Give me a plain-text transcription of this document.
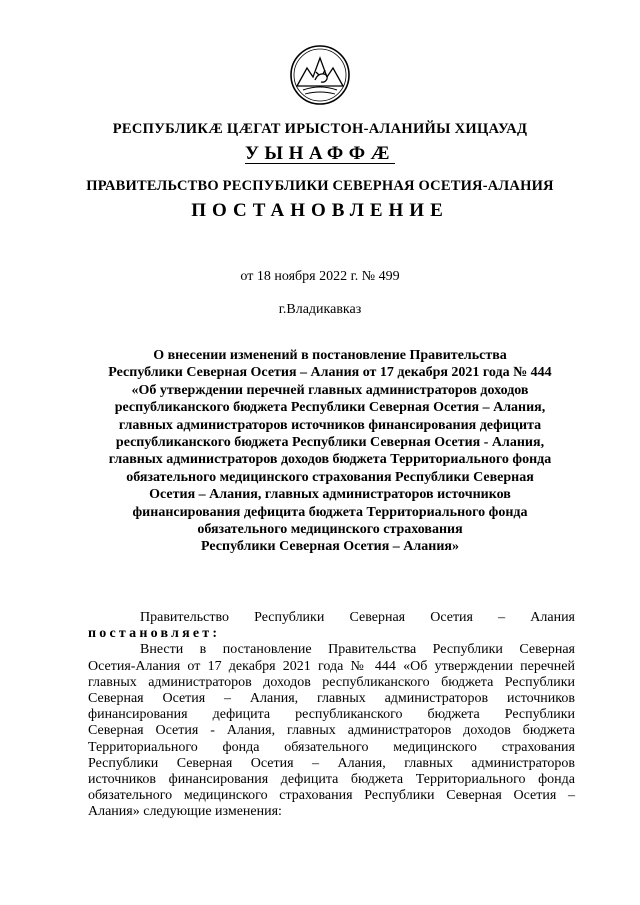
РЕСПУБЛИКӔ ЦӔГАТ ИРЫСТОН-АЛАНИЙЫ ХИЦАУАД
УЫНАФФӔ
ПРАВИТЕЛЬСТВО РЕСПУБЛИКИ СЕВЕРНАЯ ОСЕТИЯ-АЛАНИЯ
ПОСТАНОВЛЕНИЕ
от 18 ноября 2022 г. № 499
г.Владикавказ
О внесении изменений в постановление Правительства
Республики Северная Осетия – Алания от 17 декабря 2021 года № 444
«Об утверждении перечней главных администраторов доходов
республиканского бюджета Республики Северная Осетия – Алания,
главных администраторов источников финансирования дефицита
республиканского бюджета Республики Северная Осетия - Алания,
главных администраторов доходов бюджета Территориального фонда
обязательного медицинского страхования Республики Северная
Осетия – Алания, главных администраторов источников
финансирования дефицита бюджета Территориального фонда
обязательного медицинского страхования
Республики Северная Осетия – Алания»
Правительство Республики Северная Осетия – Алания
постановляет:
Внести в постановление Правительства Республики Северная
Осетия-Алания от 17 декабря 2021 года № 444 «Об утверждении перечней
главных администраторов доходов республиканского бюджета Республики
Северная Осетия – Алания, главных администраторов источников
финансирования дефицита республиканского бюджета Республики
Северная Осетия - Алания, главных администраторов доходов бюджета
Территориального фонда обязательного медицинского страхования
Республики Северная Осетия – Алания, главных администраторов
источников финансирования дефицита бюджета Территориального фонда
обязательного медицинского страхования Республики Северная Осетия –
Алания» следующие изменения:
